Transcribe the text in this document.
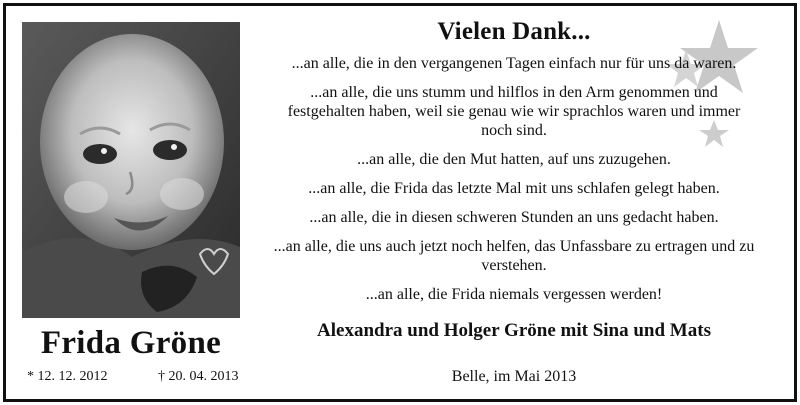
Frida Gröne
* 12. 12. 2012	† 20. 04. 2013
Vielen Dank...
...an alle, die in den vergangenen Tagen einfach nur für uns da waren.
...an alle, die uns stumm und hilflos in den Arm genommen und festgehalten haben, weil sie genau wie wir sprachlos waren und immer noch sind.
...an alle, die den Mut hatten, auf uns zuzugehen.
...an alle, die Frida das letzte Mal mit uns schlafen gelegt haben.
...an alle, die in diesen schweren Stunden an uns gedacht haben.
...an alle, die uns auch jetzt noch helfen, das Unfassbare zu ertragen und zu verstehen.
...an alle, die Frida niemals vergessen werden!
Alexandra und Holger Gröne mit Sina und Mats
Belle, im Mai 2013
